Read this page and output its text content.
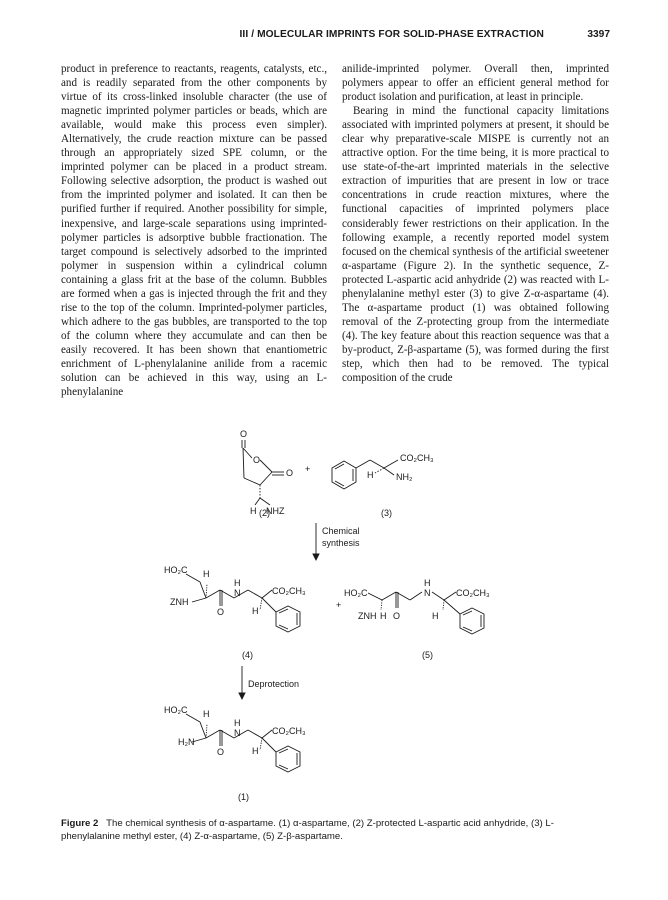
III / MOLECULAR IMPRINTS FOR SOLID-PHASE EXTRACTION	3397

product in preference to reactants, reagents, catalysts, etc., and is readily separated from the other components by virtue of its cross-linked insoluble character (the use of magnetic imprinted polymer particles or beads, which are available, would make this process even simpler). Alternatively, the crude reaction mixture can be passed through an appropriately sized SPE column, or the imprinted polymer can be placed in a product stream. Following selective adsorption, the product is washed out from the imprinted polymer and isolated. It can then be purified further if required. Another possibility for simple, inexpensive, and large-scale separations using imprinted-polymer particles is adsorptive bubble fractionation. The target compound is selectively adsorbed to the imprinted polymer in suspension within a cylindrical column containing a glass frit at the base of the column. Bubbles are formed when a gas is injected through the frit and they rise to the top of the column. Imprinted-polymer particles, which adhere to the gas bubbles, are transported to the top of the column where they accumulate and can then be easily recovered. It has been shown that enantiometric enrichment of L-phenylalanine anilide from a racemic solution can be achieved in this way, using an L-phenylalanine

anilide-imprinted polymer. Overall then, imprinted polymers appear to offer an efficient general method for product isolation and purification, at least in principle.

Bearing in mind the functional capacity limitations associated with imprinted polymers at present, it should be clear why preparative-scale MISPE is currently not an attractive option. For the time being, it is more practical to use state-of-the-art imprinted materials in the selective extraction of impurities that are present in low or trace concentrations in crude reaction mixtures, where the functional capacities of imprinted polymers place considerably fewer restrictions on their application. In the following example, a recently reported model system focused on the chemical synthesis of the artificial sweetener α-aspartame (Figure 2). In the synthetic sequence, Z-protected L-aspartic acid anhydride (2) was reacted with L-phenylalanine methyl ester (3) to give Z-α-aspartame (4). The α-aspartame product (1) was obtained following removal of the Z-protecting group from the intermediate (4). The key feature about this reaction sequence was that a by-product, Z-β-aspartame (5), was formed during the first step, which then had to be removed. The typical composition of the crude

O
O
O
H NHZ
+
CO₂CH₃
H	NH₂
(2)	(3)
Chemical
synthesis
HO₂C H
ZNH
O
H
N	CO₂CH₃
H
+
HO₂C
H
N	CO₂CH₃
ZNH H O	H
(4)	(5)
Deprotection
HO₂C H
H₂N
O
H
N	CO₂CH₃
H
(1)
Figure 2 The chemical synthesis of α-aspartame. (1) α-aspartame, (2) Z-protected L-aspartic acid anhydride, (3) L-phenylalanine methyl ester, (4) Z-α-aspartame, (5) Z-β-aspartame.
